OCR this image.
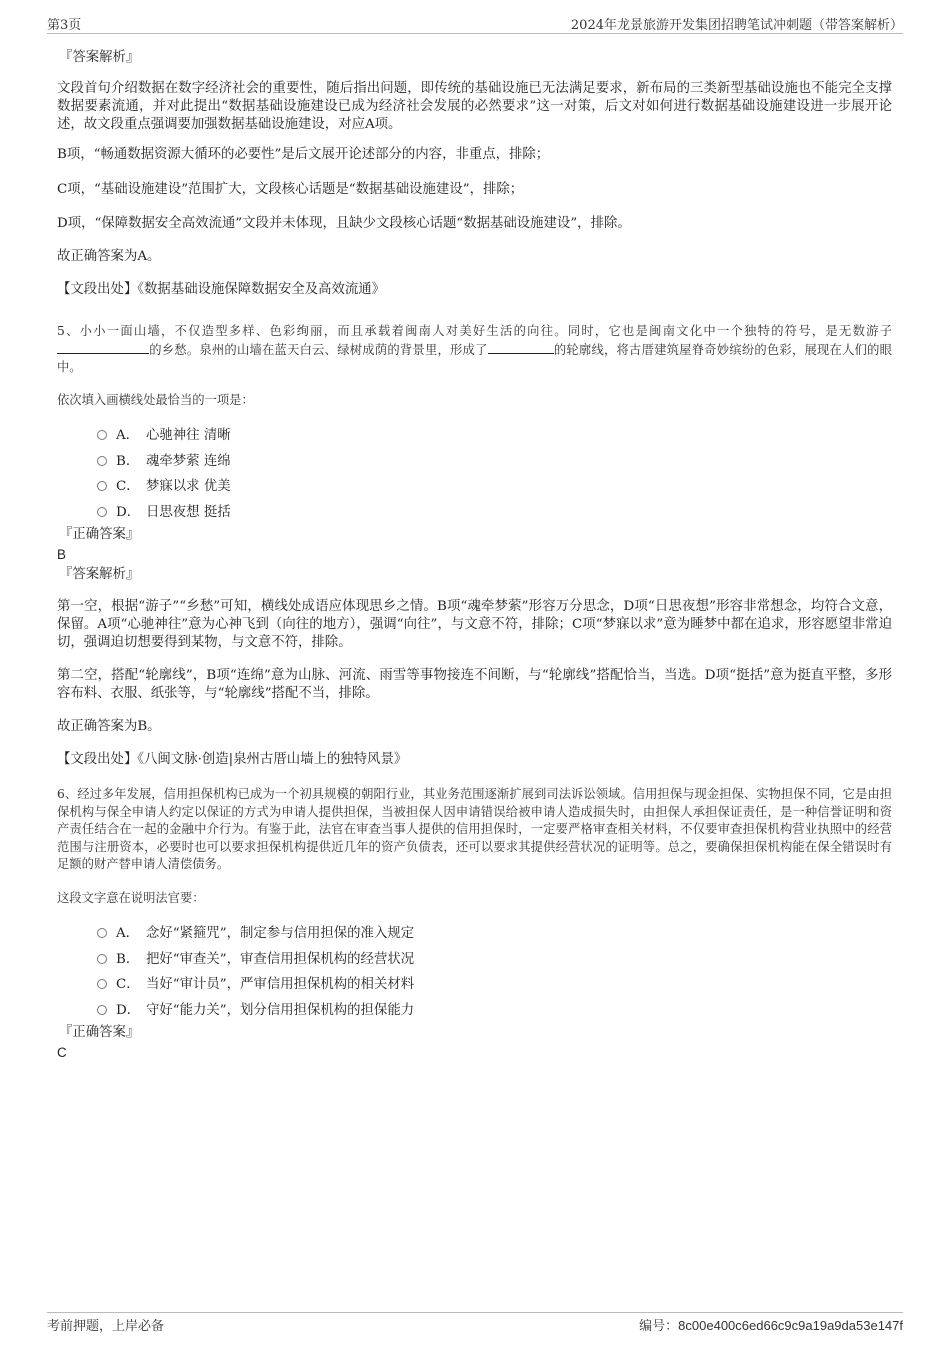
第3页	2024年龙景旅游开发集团招聘笔试冲刺题（带答案解析）
『答案解析』

文段首句介绍数据在数字经济社会的重要性，随后指出问题，即传统的基础设施已无法满足要求，新布局的三类新型基础设施也不能完全支撑数据要素流通，并对此提出“数据基础设施建设已成为经济社会发展的必然要求”这一对策，后文对如何进行数据基础设施建设进一步展开论述，故文段重点强调要加强数据基础设施建设，对应A项。

B项，“畅通数据资源大循环的必要性”是后文展开论述部分的内容，非重点，排除；

C项，“基础设施建设”范围扩大，文段核心话题是“数据基础设施建设”，排除；

D项，“保障数据安全高效流通”文段并未体现，且缺少文段核心话题“数据基础设施建设”，排除。

故正确答案为A。

【文段出处】《数据基础设施保障数据安全及高效流通》

5、小小一面山墙，不仅造型多样、色彩绚丽，而且承载着闽南人对美好生活的向往。同时，它也是闽南文化中一个独特的符号，是无数游子的乡愁。泉州的山墙在蓝天白云、绿树成荫的背景里，形成了	的轮廓线，将古厝建筑屋脊奇妙缤纷的色彩，展现在人们的眼中。

依次填入画横线处最恰当的一项是：

A． 心驰神往 清晰
B． 魂牵梦萦 连绵
C． 梦寐以求 优美
D． 日思夜想 挺括
『正确答案』
B
『答案解析』

第一空，根据“游子”“乡愁”可知，横线处成语应体现思乡之情。B项“魂牵梦萦”形容万分思念，D项“日思夜想”形容非常想念，均符合文意，保留。A项“心驰神往”意为心神飞到（向往的地方），强调“向往”，与文意不符，排除；C项“梦寐以求”意为睡梦中都在追求，形容愿望非常迫切，强调迫切想要得到某物，与文意不符，排除。

第二空，搭配“轮廓线”，B项“连绵”意为山脉、河流、雨雪等事物接连不间断，与“轮廓线”搭配恰当，当选。D项“挺括”意为挺直平整，多形容布料、衣服、纸张等，与“轮廓线”搭配不当，排除。

故正确答案为B。

【文段出处】《八闽文脉·创造|泉州古厝山墙上的独特风景》

6、经过多年发展，信用担保机构已成为一个初具规模的朝阳行业，其业务范围逐渐扩展到司法诉讼领域。信用担保与现金担保、实物担保不同，它是由担保机构与保全申请人约定以保证的方式为申请人提供担保，当被担保人因申请错误给被申请人造成损失时，由担保人承担保证责任，是一种信誉证明和资产责任结合在一起的金融中介行为。有鉴于此，法官在审查当事人提供的信用担保时，一定要严格审查相关材料，不仅要审查担保机构营业执照中的经营范围与注册资本，必要时也可以要求担保机构提供近几年的资产负债表，还可以要求其提供经营状况的证明等。总之，要确保担保机构能在保全错误时有足额的财产替申请人清偿债务。

这段文字意在说明法官要：

A． 念好“紧箍咒”，制定参与信用担保的准入规定
B． 把好“审查关”，审查信用担保机构的经营状况
C． 当好“审计员”，严审信用担保机构的相关材料
D． 守好“能力关”，划分信用担保机构的担保能力
『正确答案』
C
考前押题，上岸必备	编号：8c00e400c6ed66c9c9a19a9da53e147f
